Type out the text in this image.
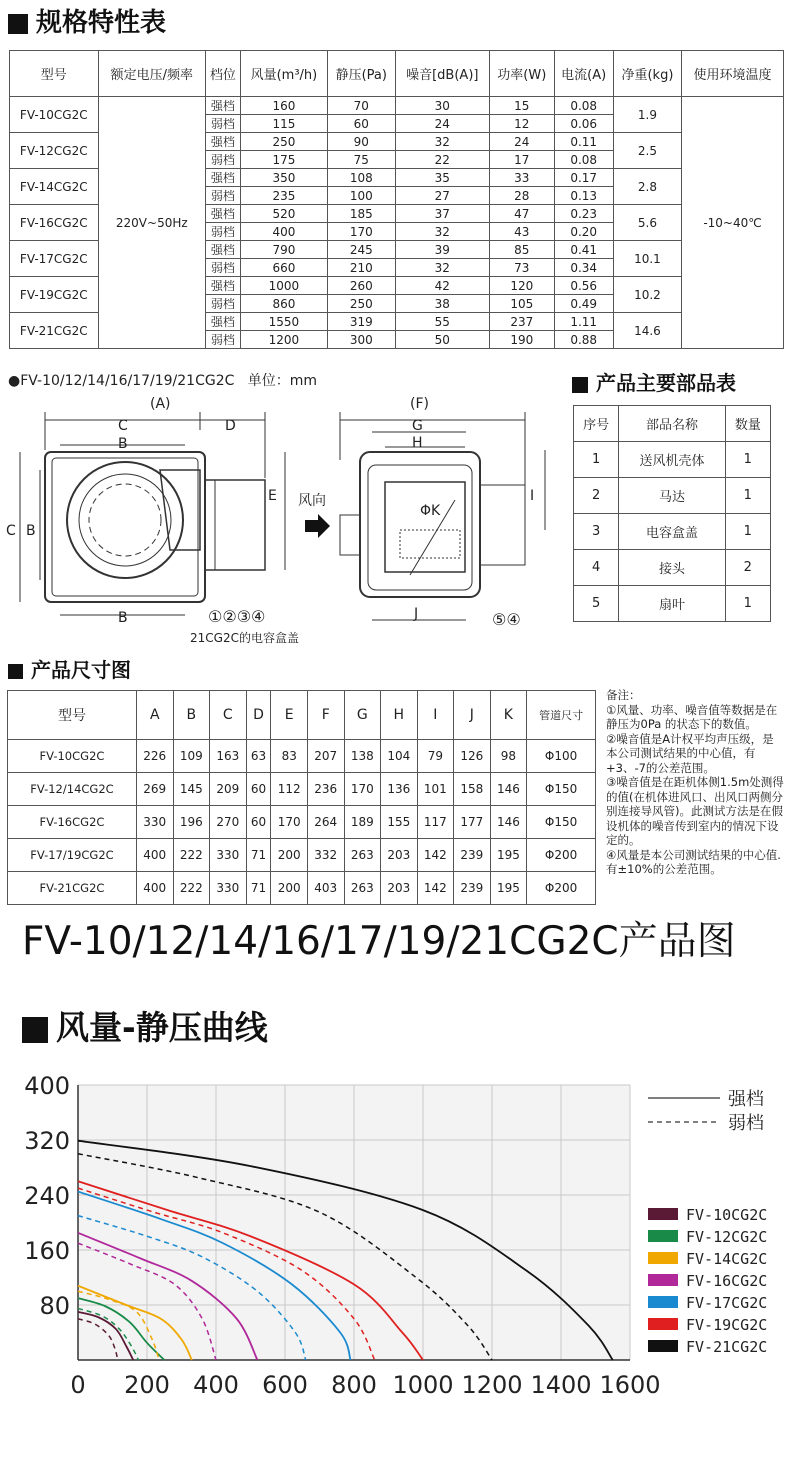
规格特性表
型号	额定电压/频率	档位	风量(m³/h)	静压(Pa)	噪音[dB(A)]	功率(W)	电流(A)	净重(kg)	使用环境温度
FV-10CG2C	220V~50Hz	强档	160	70	30	15	0.08	1.9	-10~40℃
		弱档	115	60	24	12	0.06		
FV-12CG2C		强档	250	90	32	24	0.11	2.5	
		弱档	175	75	22	17	0.08		
FV-14CG2C		强档	350	108	35	33	0.17	2.8	
		弱档	235	100	27	28	0.13		
FV-16CG2C		强档	520	185	37	47	0.23	5.6	
		弱档	400	170	32	43	0.20		
FV-17CG2C		强档	790	245	39	85	0.41	10.1	
		弱档	660	210	32	73	0.34		
FV-19CG2C		强档	1000	260	42	120	0.56	10.2	
		弱档	860	250	38	105	0.49		
FV-21CG2C		强档	1550	319	55	237	1.11	14.6	
		弱档	1200	300	50	190	0.88		
●FV-10/12/14/16/17/19/21CG2C 单位：mm
(A)
C	D
B
C B
E
B
风向
(F)
G
H
I
J
ΦK
①②③④	⑤④
21CG2C的电容盒盖
产品主要部品表
序号	部品名称	数量
1	送风机壳体	1
2	马达	1
3	电容盒盖	1
4	接头	2
5	扇叶	1
产品尺寸图
型号	A	B	C	D	E	F	G	H	I	J	K	管道尺寸
FV-10CG2C	226	109	163	63	83	207	138	104	79	126	98	Φ100
FV-12/14CG2C	269	145	209	60	112	236	170	136	101	158	146	Φ150
FV-16CG2C	330	196	270	60	170	264	189	155	117	177	146	Φ150
FV-17/19CG2C	400	222	330	71	200	332	263	203	142	239	195	Φ200
FV-21CG2C	400	222	330	71	200	403	263	203	142	239	195	Φ200
备注：
①风量、功率、噪音值等数据是在静压为0Pa 的状态下的数值。
②噪音值是A计权平均声压级，是本公司测试结果的中心值，有+3、-7的公差范围。
③噪音值是在距机体侧1.5m处测得的值(在机体进风口、出风口两侧分别连接导风管)。此测试方法是在假设机体的噪音传到室内的情况下设定的。
④风量是本公司测试结果的中心值.有±10%的公差范围。
FV-10/12/14/16/17/19/21CG2C产品图
风量-静压曲线
0 200 400 600 800 1000 1200 1400 1600
80
160
240
320
400	强档
弱档
FV-10CG2C
FV-12CG2C
FV-14CG2C
FV-16CG2C
FV-17CG2C
FV-19CG2C
FV-21CG2C
